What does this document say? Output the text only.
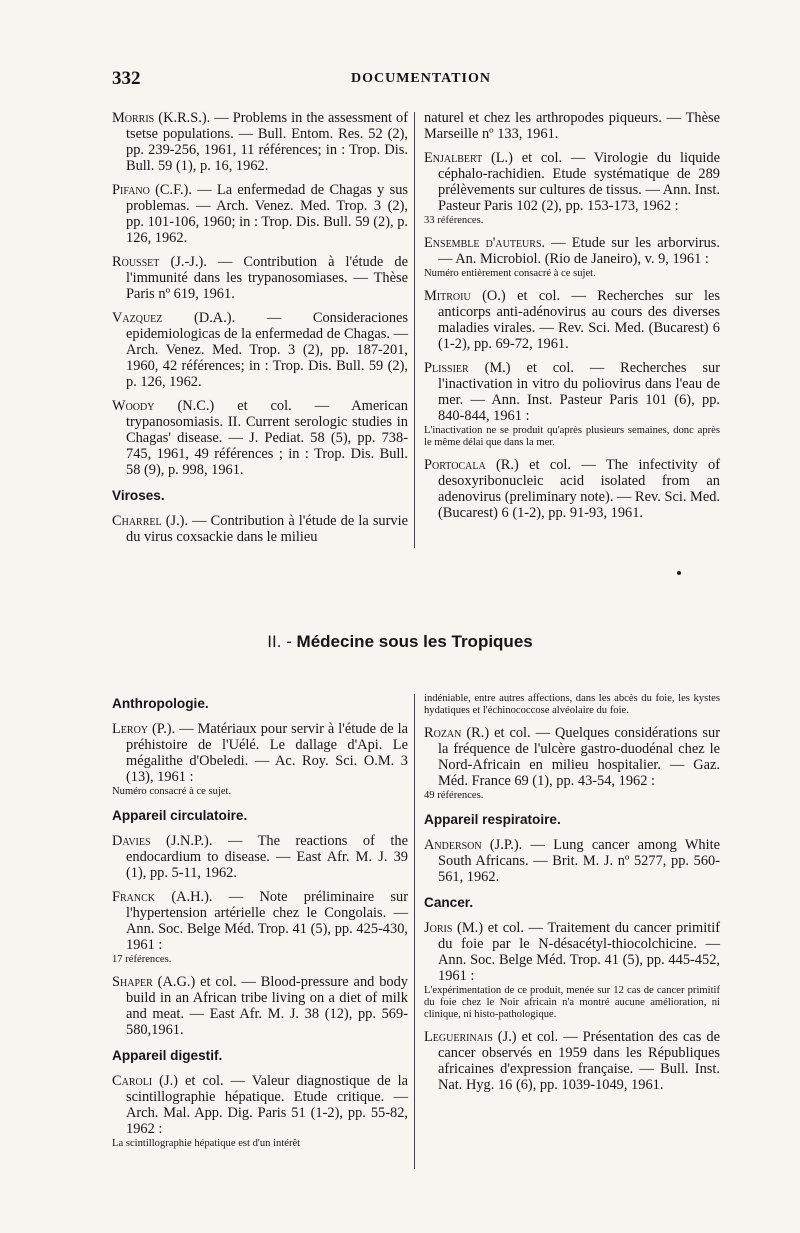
332	DOCUMENTATION
Morris (K.R.S.). — Problems in the assessment of tsetse populations. — Bull. Entom. Res. 52 (2), pp. 239-256, 1961, 11 références; in : Trop. Dis. Bull. 59 (1), p. 16, 1962.
Pifano (C.F.). — La enfermedad de Chagas y sus problemas. — Arch. Venez. Med. Trop. 3 (2), pp. 101-106, 1960; in : Trop. Dis. Bull. 59 (2), p. 126, 1962.
Rousset (J.-J.). — Contribution à l'étude de l'immunité dans les trypanosomiases. — Thèse Paris nº 619, 1961.
Vazquez (D.A.). — Consideraciones epidemiologicas de la enfermedad de Chagas. — Arch. Venez. Med. Trop. 3 (2), pp. 187-201, 1960, 42 références; in : Trop. Dis. Bull. 59 (2), p. 126, 1962.
Woody (N.C.) et col. — American trypanosomiasis. II. Current serologic studies in Chagas' disease. — J. Pediat. 58 (5), pp. 738-745, 1961, 49 références ; in : Trop. Dis. Bull. 58 (9), p. 998, 1961.
Viroses.
Charrel (J.). — Contribution à l'étude de la survie du virus coxsackie dans le milieu
naturel et chez les arthropodes piqueurs. — Thèse Marseille nº 133, 1961.
Enjalbert (L.) et col. — Virologie du liquide céphalo-rachidien. Etude systématique de 289 prélèvements sur cultures de tissus. — Ann. Inst. Pasteur Paris 102 (2), pp. 153-173, 1962 :
33 références.
Ensemble d'auteurs. — Etude sur les arborvirus. — An. Microbiol. (Rio de Janeiro), v. 9, 1961 :
Numéro entièrement consacré à ce sujet.
Mitroiu (O.) et col. — Recherches sur les anticorps anti-adénovirus au cours des diverses maladies virales. — Rev. Sci. Med. (Bucarest) 6 (1-2), pp. 69-72, 1961.
Plissier (M.) et col. — Recherches sur l'inactivation in vitro du poliovirus dans l'eau de mer. — Ann. Inst. Pasteur Paris 101 (6), pp. 840-844, 1961 :
L'inactivation ne se produit qu'après plusieurs semaines, donc après le même délai que dans la mer.
Portocala (R.) et col. — The infectivity of desoxyribonucleic acid isolated from an adenovirus (preliminary note). — Rev. Sci. Med. (Bucarest) 6 (1-2), pp. 91-93, 1961.
II. - Médecine sous les Tropiques
Anthropologie.
Leroy (P.). — Matériaux pour servir à l'étude de la préhistoire de l'Uélé. Le dallage d'Api. Le mégalithe d'Obeledi. — Ac. Roy. Sci. O.M. 3 (13), 1961 :
Numéro consacré à ce sujet.
Appareil circulatoire.
Davies (J.N.P.). — The reactions of the endocardium to disease. — East Afr. M. J. 39 (1), pp. 5-11, 1962.
Franck (A.H.). — Note préliminaire sur l'hypertension artérielle chez le Congolais. — Ann. Soc. Belge Méd. Trop. 41 (5), pp. 425-430, 1961 :
17 références.
Shaper (A.G.) et col. — Blood-pressure and body build in an African tribe living on a diet of milk and meat. — East Afr. M. J. 38 (12), pp. 569-580,1961.
Appareil digestif.
Caroli (J.) et col. — Valeur diagnostique de la scintillographie hépatique. Etude critique. — Arch. Mal. App. Dig. Paris 51 (1-2), pp. 55-82, 1962 :
La scintillographie hépatique est d'un intérêt

indéniable, entre autres affections, dans les abcès du foie, les kystes hydatiques et l'échinococcose alvéolaire du foie.

Rozan (R.) et col. — Quelques considérations sur la fréquence de l'ulcère gastro-duodénal chez le Nord-Africain en milieu hospitalier. — Gaz. Méd. France 69 (1), pp. 43-54, 1962 :
49 références.
Appareil respiratoire.
Anderson (J.P.). — Lung cancer among White South Africans. — Brit. M. J. nº 5277, pp. 560-561, 1962.
Cancer.
Joris (M.) et col. — Traitement du cancer primitif du foie par le N-désacétyl-thiocolchicine. — Ann. Soc. Belge Méd. Trop. 41 (5), pp. 445-452, 1961 :
L'expérimentation de ce produit, menée sur 12 cas de cancer primitif du foie chez le Noir africain n'a montré aucune amélioration, ni clinique, ni histo-pathologique.
Leguerinais (J.) et col. — Présentation des cas de cancer observés en 1959 dans les Républiques africaines d'expression française. — Bull. Inst. Nat. Hyg. 16 (6), pp. 1039-1049, 1961.
